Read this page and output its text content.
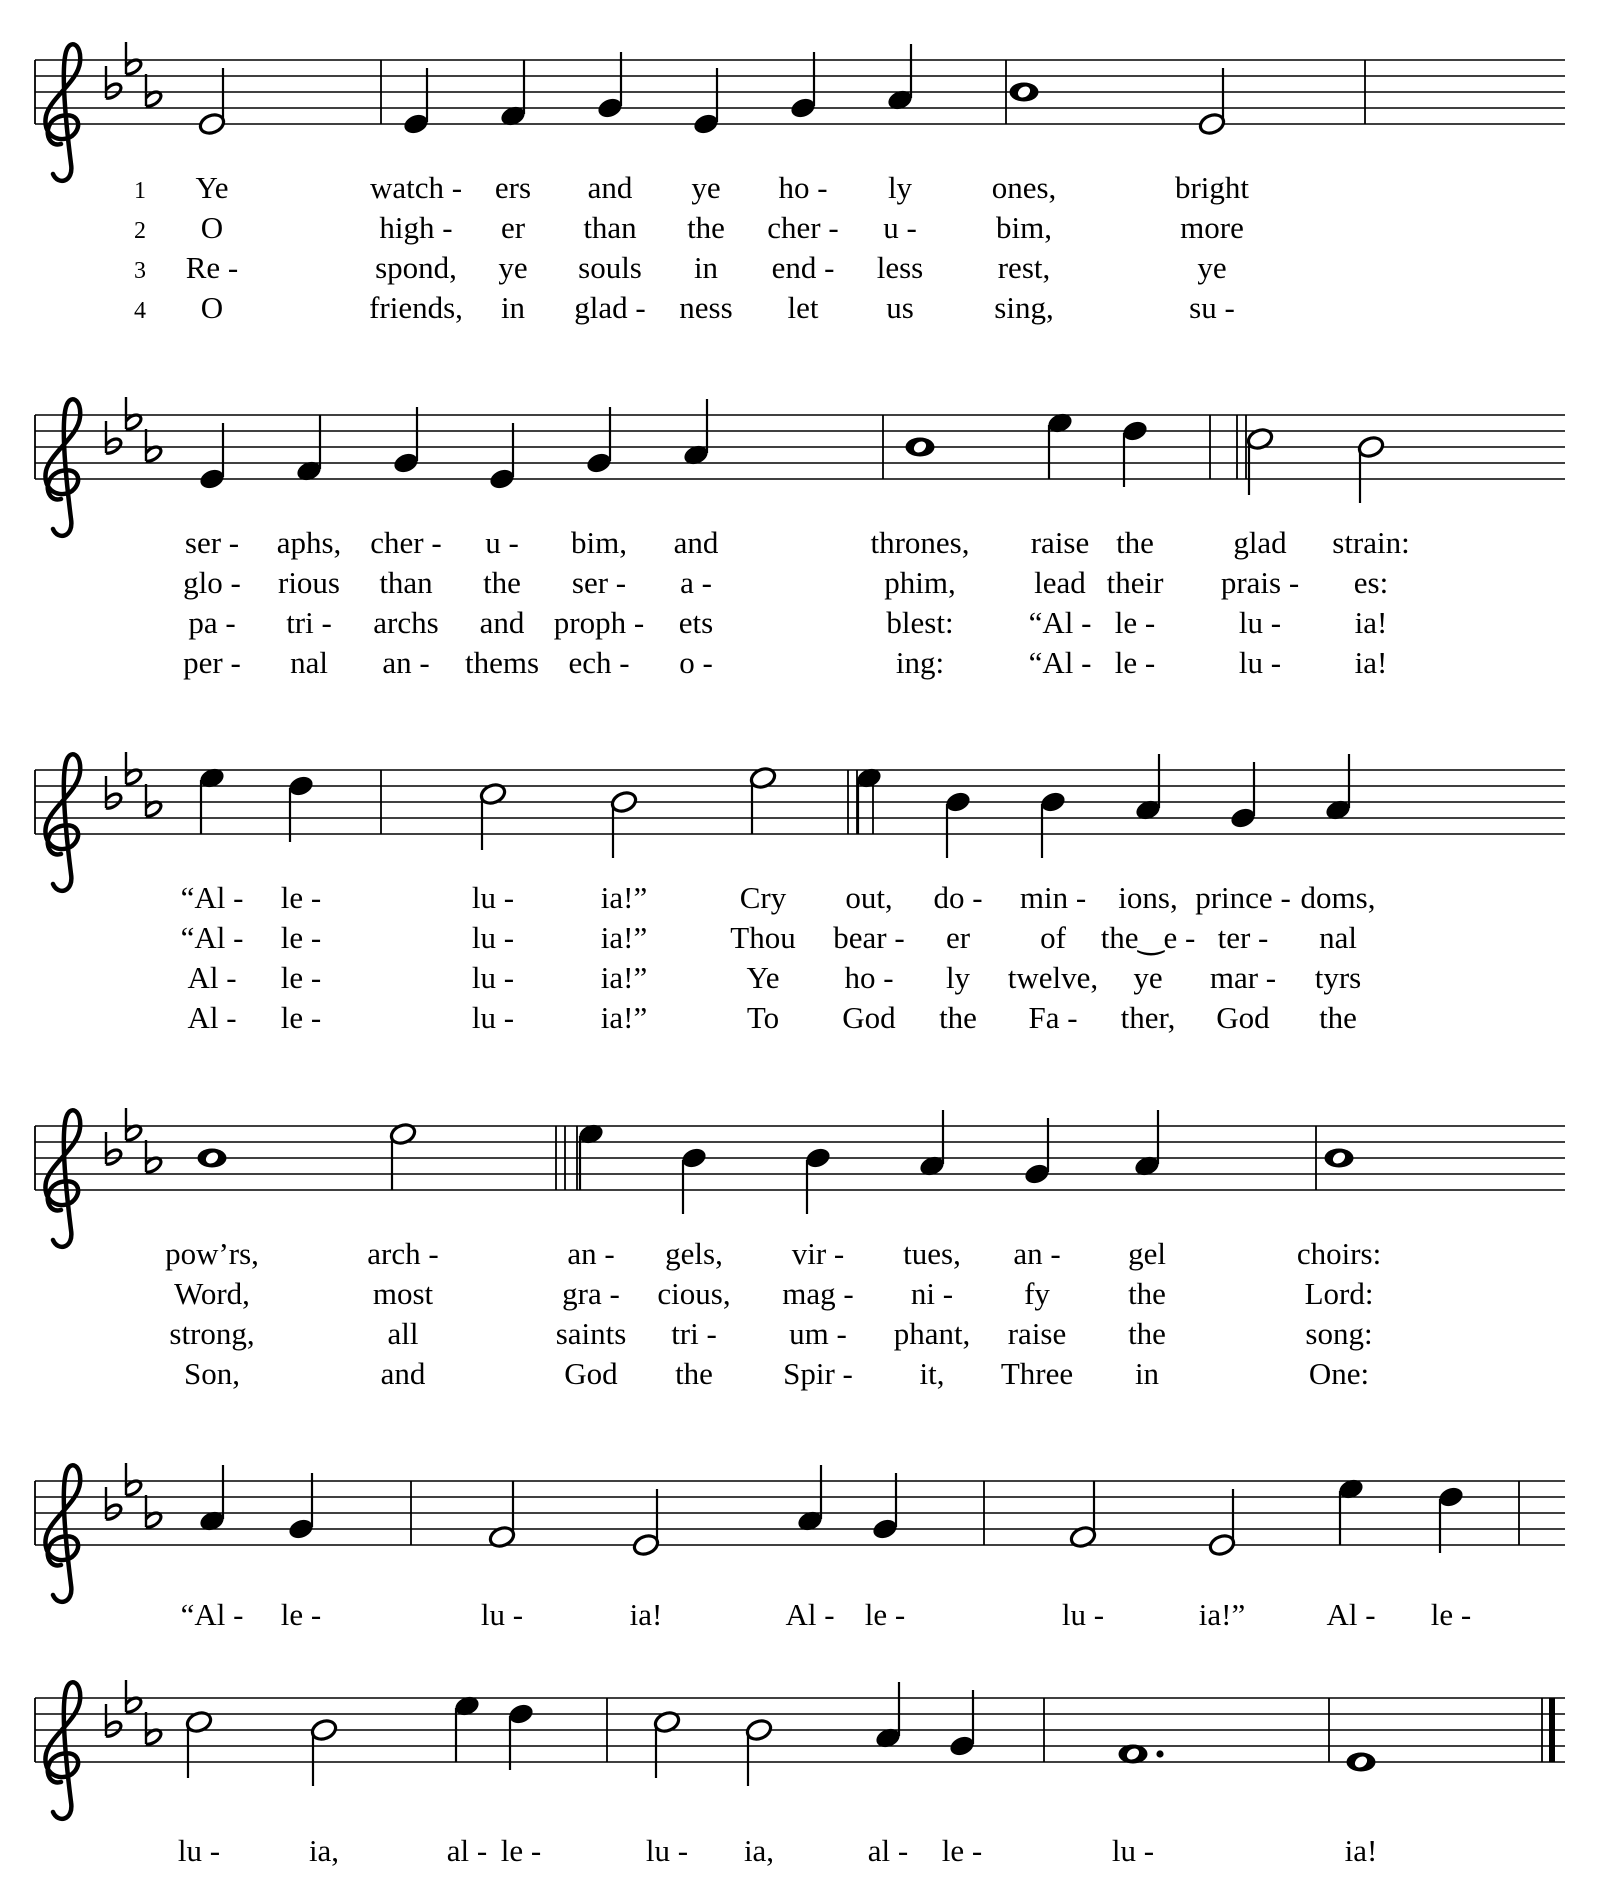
1 Ye	watch - ers and ye ho - ly	ones,	bright
2 O	high - er than the cher - u -	bim,	more
3 Re -	spond, ye souls in end - less rest,	ye
4 O	friends, in glad - ness let us	sing,	su -
ser - aphs, cher - u - bim, and	thrones, raise the	glad strain:
glo - rious than the ser - a -	phim,	lead their prais - es:
pa - tri - archs and proph - ets	blest: “Al - le -	lu - ia!
per - nal an - thems ech - o -	ing:	“Al - le -	lu - ia!
“Al - le -	lu -	ia!”	Cry out, do - min - ions, prince - doms,
“Al - le -	lu -	ia!”	Thou bear - er of the‿e - ter - nal
Al - le -	lu -	ia!”	Ye ho - ly twelve, ye mar - tyrs
Al - le -	lu -	ia!”	To God the Fa - ther, God the
pow’rs,	arch -	an - gels, vir - tues, an - gel	choirs:
Word,	most	gra - cious, mag - ni - fy	the	Lord:
strong,	all	saints tri - um - phant, raise the	song:
Son,	and	God the Spir - it, Three in	One:
“Al - le -	lu -	ia!	Al - le -	lu -	ia!”	Al - le -
lu -	ia,	al - le -	lu - ia,	al - le -	lu -	ia!
